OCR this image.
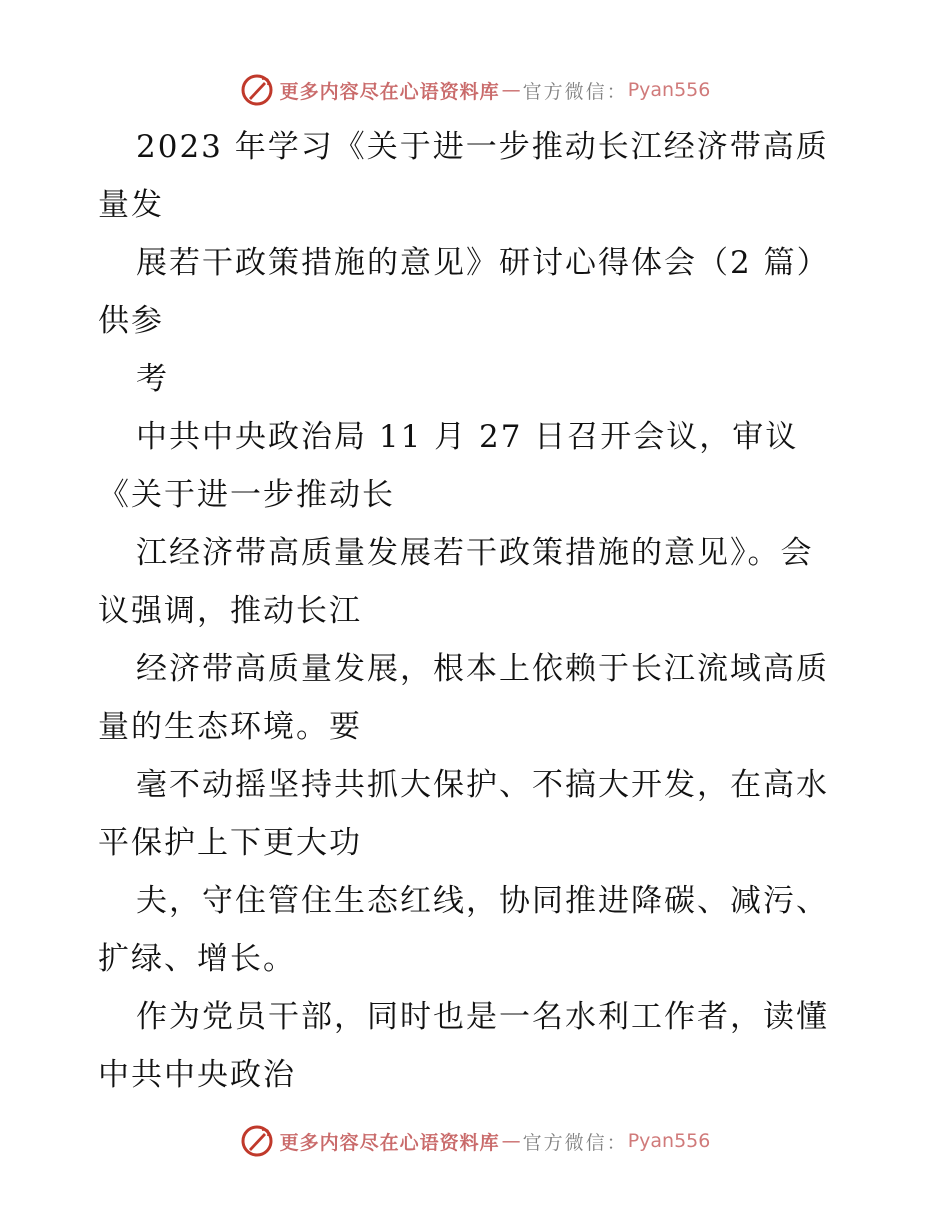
更多内容尽在心语资料库 — 官方微信： Pyan556
2023 年学习《关于进一步推动长江经济带高质
量发
展若干政策措施的意见》研讨心得体会（2 篇）
供参
考
中共中央政治局 11 月 27 日召开会议，审议
《关于进一步推动长
江经济带高质量发展若干政策措施的意见》。会
议强调，推动长江
经济带高质量发展，根本上依赖于长江流域高质
量的生态环境。要
毫不动摇坚持共抓大保护、不搞大开发，在高水
平保护上下更大功
夫，守住管住生态红线，协同推进降碳、减污、
扩绿、增长。
作为党员干部，同时也是一名水利工作者，读懂
中共中央政治
更多内容尽在心语资料库 — 官方微信： Pyan556
